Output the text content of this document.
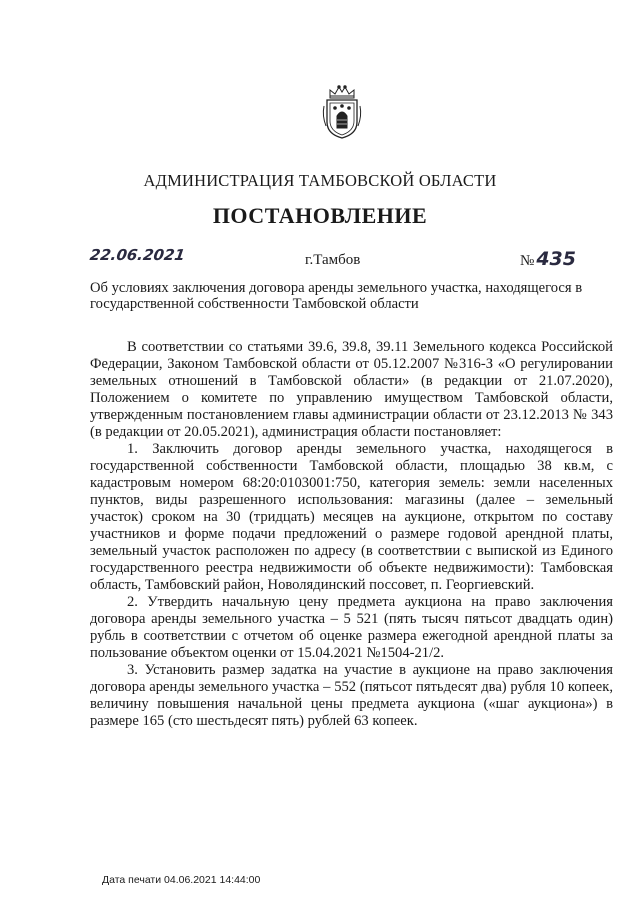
АДМИНИСТРАЦИЯ ТАМБОВСКОЙ ОБЛАСТИ
ПОСТАНОВЛЕНИЕ
22.06.2021	г.Тамбов	№ 435
Об условиях заключения договора аренды земельного участка, находящегося в государственной собственности Тамбовской области

В соответствии со статьями 39.6, 39.8, 39.11 Земельного кодекса Российской Федерации, Законом Тамбовской области от 05.12.2007 №316-З «О регулировании земельных отношений в Тамбовской области» (в редакции от 21.07.2020), Положением о комитете по управлению имуществом Тамбовской области, утвержденным постановлением главы администрации области от 23.12.2013 № 343 (в редакции от 20.05.2021), администрация области постановляет:

1. Заключить договор аренды земельного участка, находящегося в государственной собственности Тамбовской области, площадью 38 кв.м, с кадастровым номером 68:20:0103001:750, категория земель: земли населенных пунктов, виды разрешенного использования: магазины (далее – земельный участок) сроком на 30 (тридцать) месяцев на аукционе, открытом по составу участников и форме подачи предложений о размере годовой арендной платы, земельный участок расположен по адресу (в соответствии с выпиской из Единого государственного реестра недвижимости об объекте недвижимости): Тамбовская область, Тамбовский район, Новолядинский поссовет, п. Георгиевский.

2. Утвердить начальную цену предмета аукциона на право заключения договора аренды земельного участка – 5 521 (пять тысяч пятьсот двадцать один) рубль в соответствии с отчетом об оценке размера ежегодной арендной платы за пользование объектом оценки от 15.04.2021 №1504-21/2.

3. Установить размер задатка на участие в аукционе на право заключения договора аренды земельного участка – 552 (пятьсот пятьдесят два) рубля 10 копеек, величину повышения начальной цены предмета аукциона («шаг аукциона») в размере 165 (сто шестьдесят пять) рублей 63 копеек.

Дата печати 04.06.2021 14:44:00
